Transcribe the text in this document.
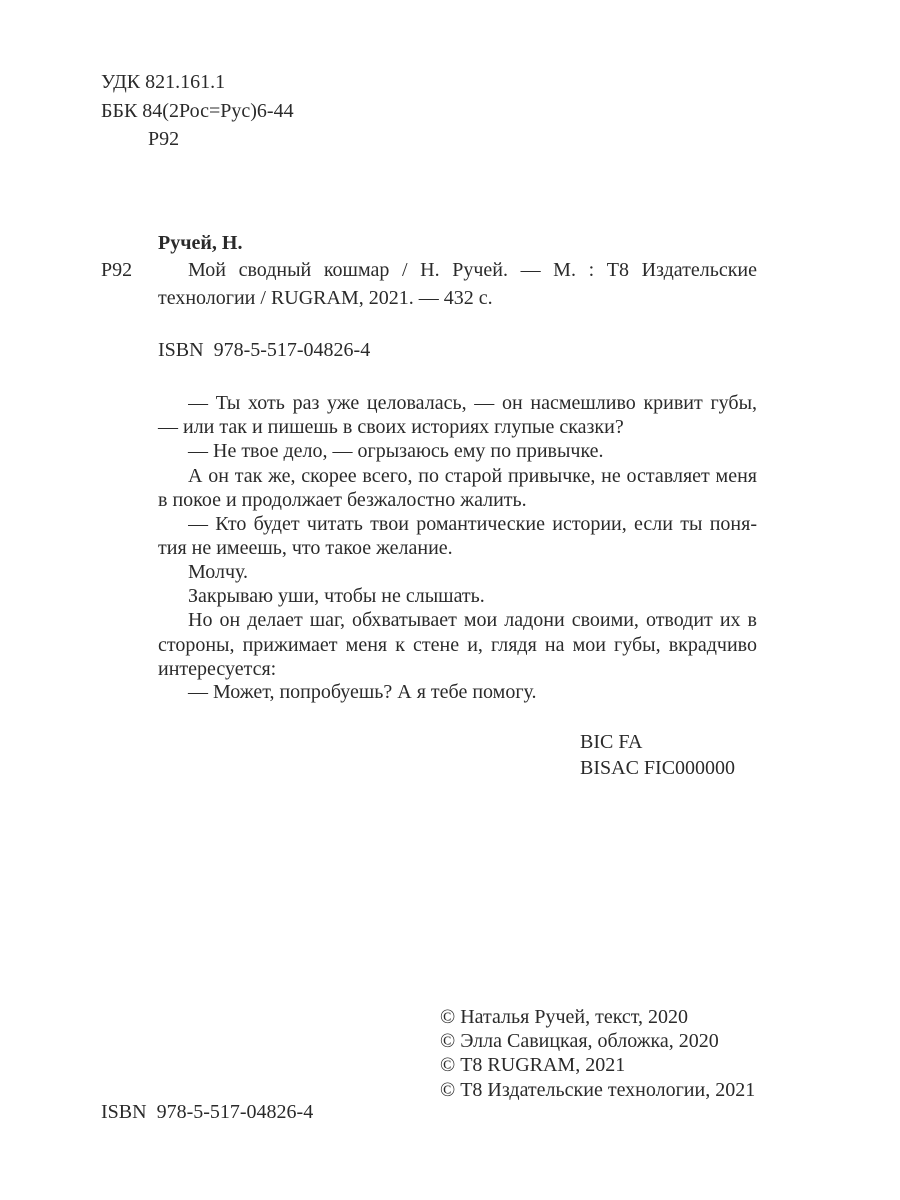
УДК 821.161.1
ББК 84(2Рос=Рус)6-44
Р92
Ручей, Н.
Р92	Мой сводный кошмар / Н. Ручей. — М. : Т8 Издательские
технологии / RUGRAM, 2021. — 432 с.
ISBN  978-5-517-04826-4
— Ты хоть раз уже целовалась, — он насмешливо кривит губы,
— или так и пишешь в своих историях глупые сказки?
— Не твое дело, — огрызаюсь ему по привычке.
А он так же, скорее всего, по старой привычке, не оставляет меня
в покое и продолжает безжалостно жалить.
— Кто будет читать твои романтические истории, если ты поня-
тия не имеешь, что такое желание.
Молчу.
Закрываю уши, чтобы не слышать.
Но он делает шаг, обхватывает мои ладони своими, отводит их в
стороны, прижимает меня к стене и, глядя на мои губы, вкрадчиво
интересуется:
— Может, попробуешь? А я тебе помогу.
BIC FA
BISAC FIC000000
© Наталья Ручей, текст, 2020
© Элла Савицкая, обложка, 2020
© Т8 RUGRAM, 2021
© Т8 Издательские технологии, 2021
ISBN  978-5-517-04826-4
